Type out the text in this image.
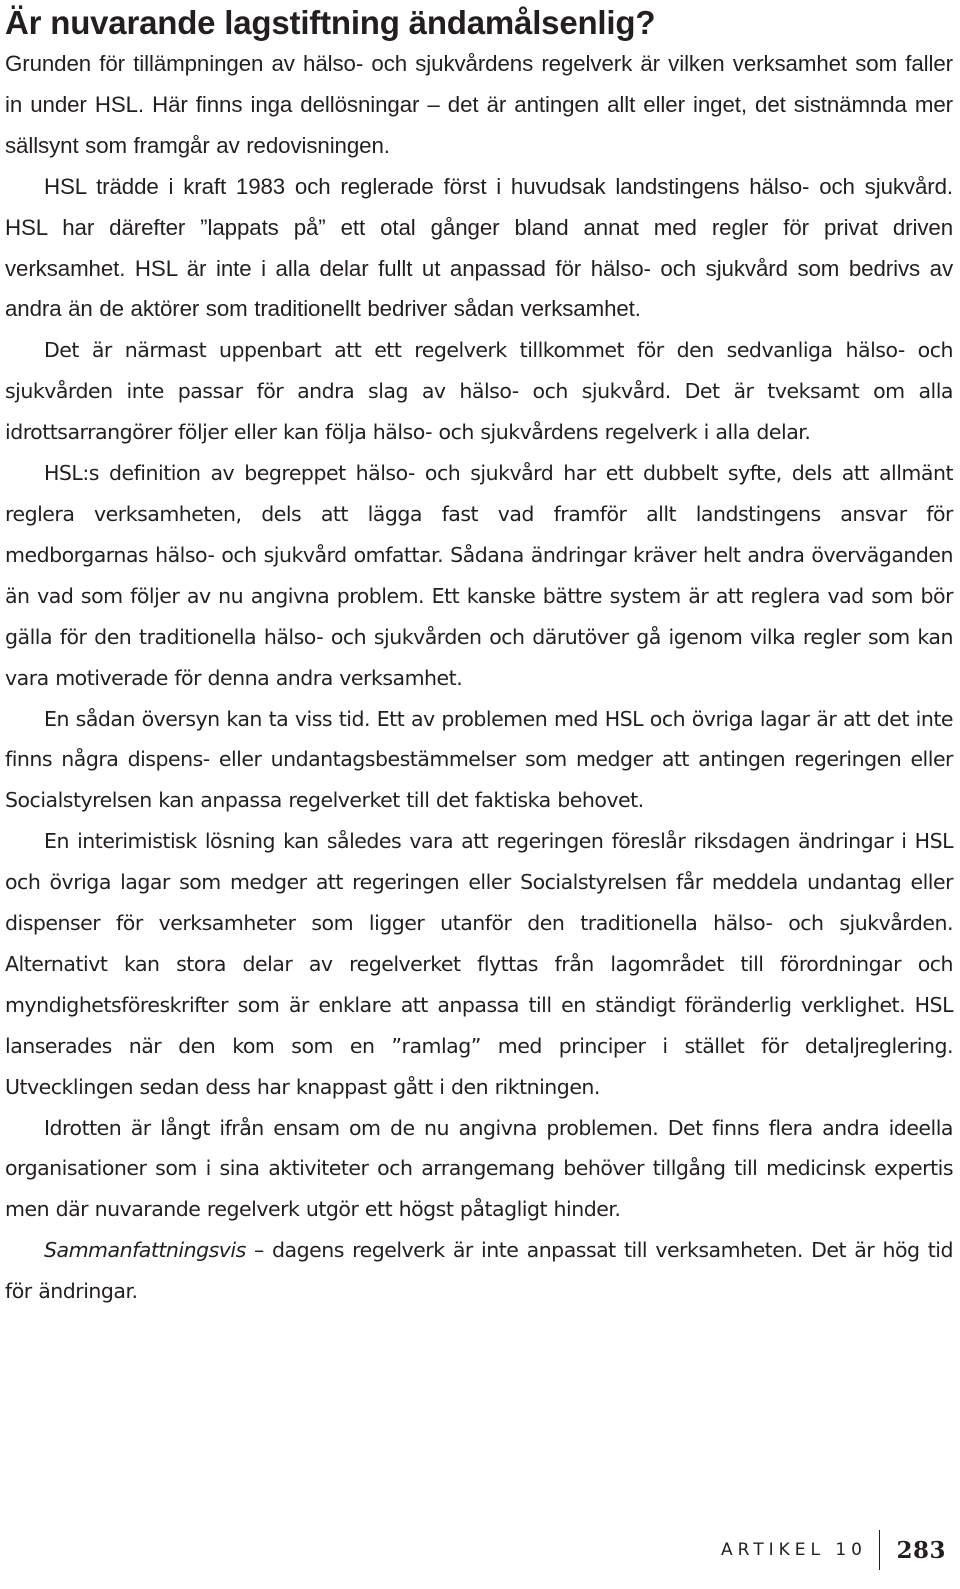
Är nuvarande lagstiftning ändamålsenlig?

Grunden för tillämpningen av hälso- och sjukvårdens regelverk är vilken verksamhet som faller in under HSL. Här finns inga dellösningar – det är antingen allt eller inget, det sistnämnda mer sällsynt som framgår av redovisningen.

HSL trädde i kraft 1983 och reglerade först i huvudsak landstingens hälso- och sjukvård. HSL har därefter ”lappats på” ett otal gånger bland annat med regler för privat driven verksamhet. HSL är inte i alla delar fullt ut anpassad för hälso- och sjukvård som bedrivs av andra än de aktörer som traditionellt bedriver sådan verksamhet.

Det är närmast uppenbart att ett regelverk tillkommet för den sedvanliga hälso- och sjukvården inte passar för andra slag av hälso- och sjukvård. Det är tveksamt om alla idrottsarrangörer följer eller kan följa hälso- och sjukvårdens regelverk i alla delar.

HSL:s definition av begreppet hälso- och sjukvård har ett dubbelt syfte, dels att allmänt reglera verksamheten, dels att lägga fast vad framför allt landstingens ansvar för medborgarnas hälso- och sjukvård omfattar. Sådana ändringar kräver helt andra överväganden än vad som följer av nu angivna problem. Ett kanske bättre system är att reglera vad som bör gälla för den traditionella hälso- och sjukvården och därutöver gå igenom vilka regler som kan vara motiverade för denna andra verksamhet.

En sådan översyn kan ta viss tid. Ett av problemen med HSL och övriga lagar är att det inte finns några dispens- eller undantagsbestämmelser som medger att antingen regeringen eller Socialstyrelsen kan anpassa regelverket till det faktiska behovet.

En interimistisk lösning kan således vara att regeringen föreslår riksdagen ändringar i HSL och övriga lagar som medger att regeringen eller Socialstyrelsen får meddela undantag eller dispenser för verksamheter som ligger utanför den traditionella hälso- och sjukvården. Alternativt kan stora delar av regelverket flyttas från lagområdet till förordningar och myndighetsföreskrifter som är enklare att anpassa till en ständigt föränderlig verklighet. HSL lanserades när den kom som en ”ramlag” med principer i stället för detaljreglering. Utvecklingen sedan dess har knappast gått i den riktningen.

Idrotten är långt ifrån ensam om de nu angivna problemen. Det finns flera andra ideella organisationer som i sina aktiviteter och arrangemang behöver tillgång till medicinsk expertis men där nuvarande regelverk utgör ett högst påtagligt hinder.

Sammanfattningsvis – dagens regelverk är inte anpassat till verksamheten. Det är hög tid för ändringar.

ARTIKEL 10 283
